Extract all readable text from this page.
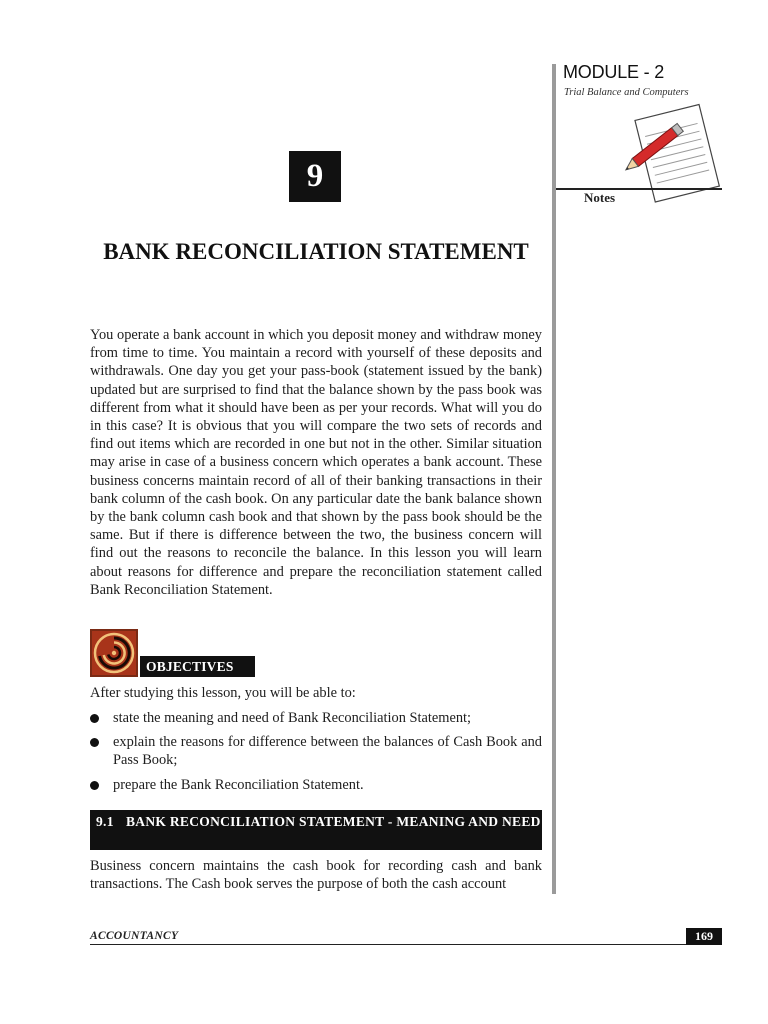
MODULE - 2
Trial Balance and Computers
Notes
9
BANK RECONCILIATION STATEMENT
You operate a bank account in which you deposit money and withdraw money from time to time. You maintain a record with yourself of these deposits and withdrawals. One day you get your pass-book (statement issued by the bank) updated but are surprised to find that the balance shown by the pass book was different from what it should have been as per your records. What will you do in this case? It is obvious that you will compare the two sets of records and find out items which are recorded in one but not in the other. Similar situation may arise in case of a business concern which operates a bank account. These business concerns maintain record of all of their banking transactions in their bank column of the cash book. On any particular date the bank balance shown by the bank column cash book and that shown by the pass book should be the same. But if there is difference between the two, the business concern will find out the reasons to reconcile the balance. In this lesson you will learn about reasons for difference and prepare the reconciliation statement called Bank Reconciliation Statement.
OBJECTIVES
After studying this lesson, you will be able to:
state the meaning and need of Bank Reconciliation Statement;
explain the reasons for difference between the balances of Cash Book and Pass Book;
prepare the Bank Reconciliation Statement.
9.1 BANK RECONCILIATION STATEMENT - MEANING AND NEED
Business concern maintains the cash book for recording cash and bank transactions. The Cash book serves the purpose of both the cash account
ACCOUNTANCY	169
